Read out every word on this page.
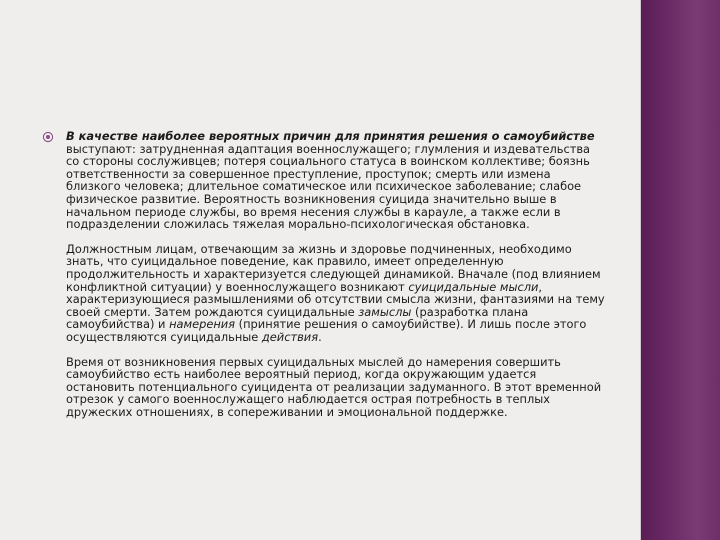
В качестве наиболее вероятных причин для принятия решения о самоубийстве выступают: затрудненная адаптация военнослужащего; глумления и издевательства со стороны сослуживцев; потеря социального статуса в воинском коллективе; боязнь ответственности за совершенное преступление, проступок; смерть или измена близкого человека; длительное соматическое или психическое заболевание; слабое физическое развитие. Вероятность возникновения суицида значительно выше в начальном периоде службы, во время несения службы в карауле, а также если в подразделении сложилась тяжелая морально-психологическая обстановка.

Должностным лицам, отвечающим за жизнь и здоровье подчиненных, необходимо знать, что суицидальное поведение, как правило, имеет определенную продолжительность и характеризуется следующей динамикой. Вначале (под влиянием конфликтной ситуации) у военнослужащего возникают суицидальные мысли, характеризующиеся размышлениями об отсутствии смысла жизни, фантазиями на тему своей смерти. Затем рождаются суицидальные замыслы (разработка плана самоубийства) и намерения (принятие решения о самоубийстве). И лишь после этого осуществляются суицидальные действия.

Время от возникновения первых суицидальных мыслей до намерения совершить самоубийство есть наиболее вероятный период, когда окружающим удается остановить потенциального суицидента от реализации задуманного. В этот временной отрезок у самого военнослужащего наблюдается острая потребность в теплых дружеских отношениях, в сопереживании и эмоциональной поддержке.
